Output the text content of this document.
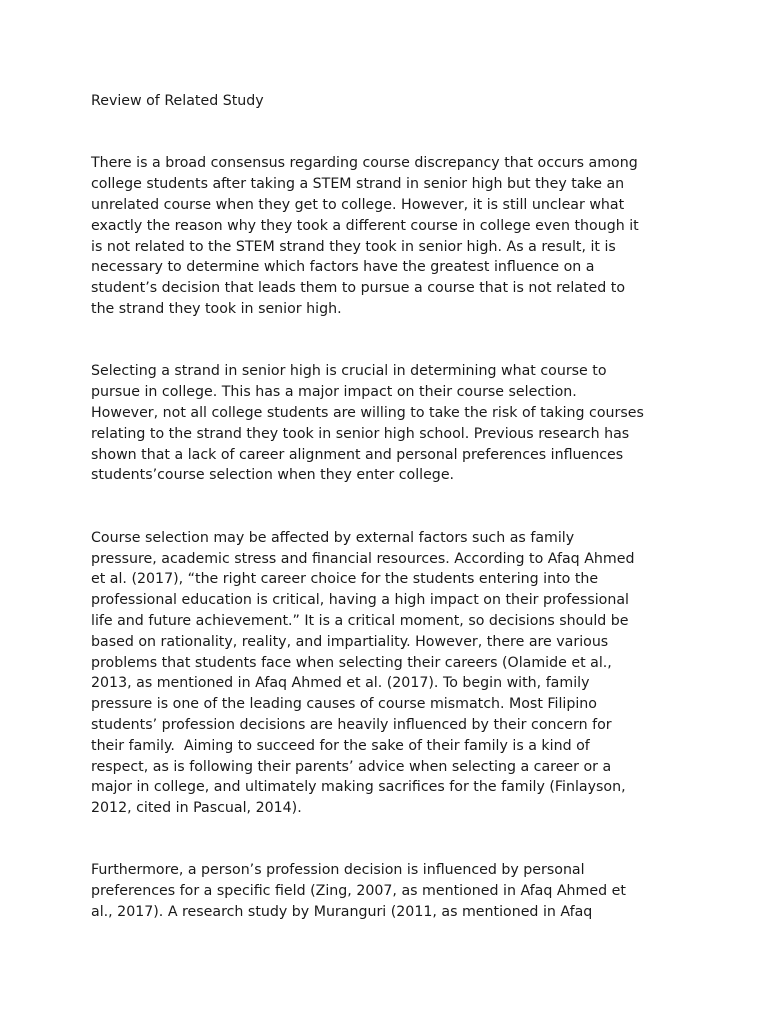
Review of Related Study
There is a broad consensus regarding course discrepancy that occurs among
college students after taking a STEM strand in senior high but they take an
unrelated course when they get to college. However, it is still unclear what
exactly the reason why they took a different course in college even though it
is not related to the STEM strand they took in senior high. As a result, it is
necessary to determine which factors have the greatest influence on a
student’s decision that leads them to pursue a course that is not related to
the strand they took in senior high.
Selecting a strand in senior high is crucial in determining what course to
pursue in college. This has a major impact on their course selection.
However, not all college students are willing to take the risk of taking courses
relating to the strand they took in senior high school. Previous research has
shown that a lack of career alignment and personal preferences influences
students’course selection when they enter college.
Course selection may be affected by external factors such as family
pressure, academic stress and financial resources. According to Afaq Ahmed
et al. (2017), “the right career choice for the students entering into the
professional education is critical, having a high impact on their professional
life and future achievement.” It is a critical moment, so decisions should be
based on rationality, reality, and impartiality. However, there are various
problems that students face when selecting their careers (Olamide et al.,
2013, as mentioned in Afaq Ahmed et al. (2017). To begin with, family
pressure is one of the leading causes of course mismatch. Most Filipino
students’ profession decisions are heavily influenced by their concern for
their family.  Aiming to succeed for the sake of their family is a kind of
respect, as is following their parents’ advice when selecting a career or a
major in college, and ultimately making sacrifices for the family (Finlayson,
2012, cited in Pascual, 2014).
Furthermore, a person’s profession decision is influenced by personal
preferences for a specific field (Zing, 2007, as mentioned in Afaq Ahmed et
al., 2017). A research study by Muranguri (2011, as mentioned in Afaq
